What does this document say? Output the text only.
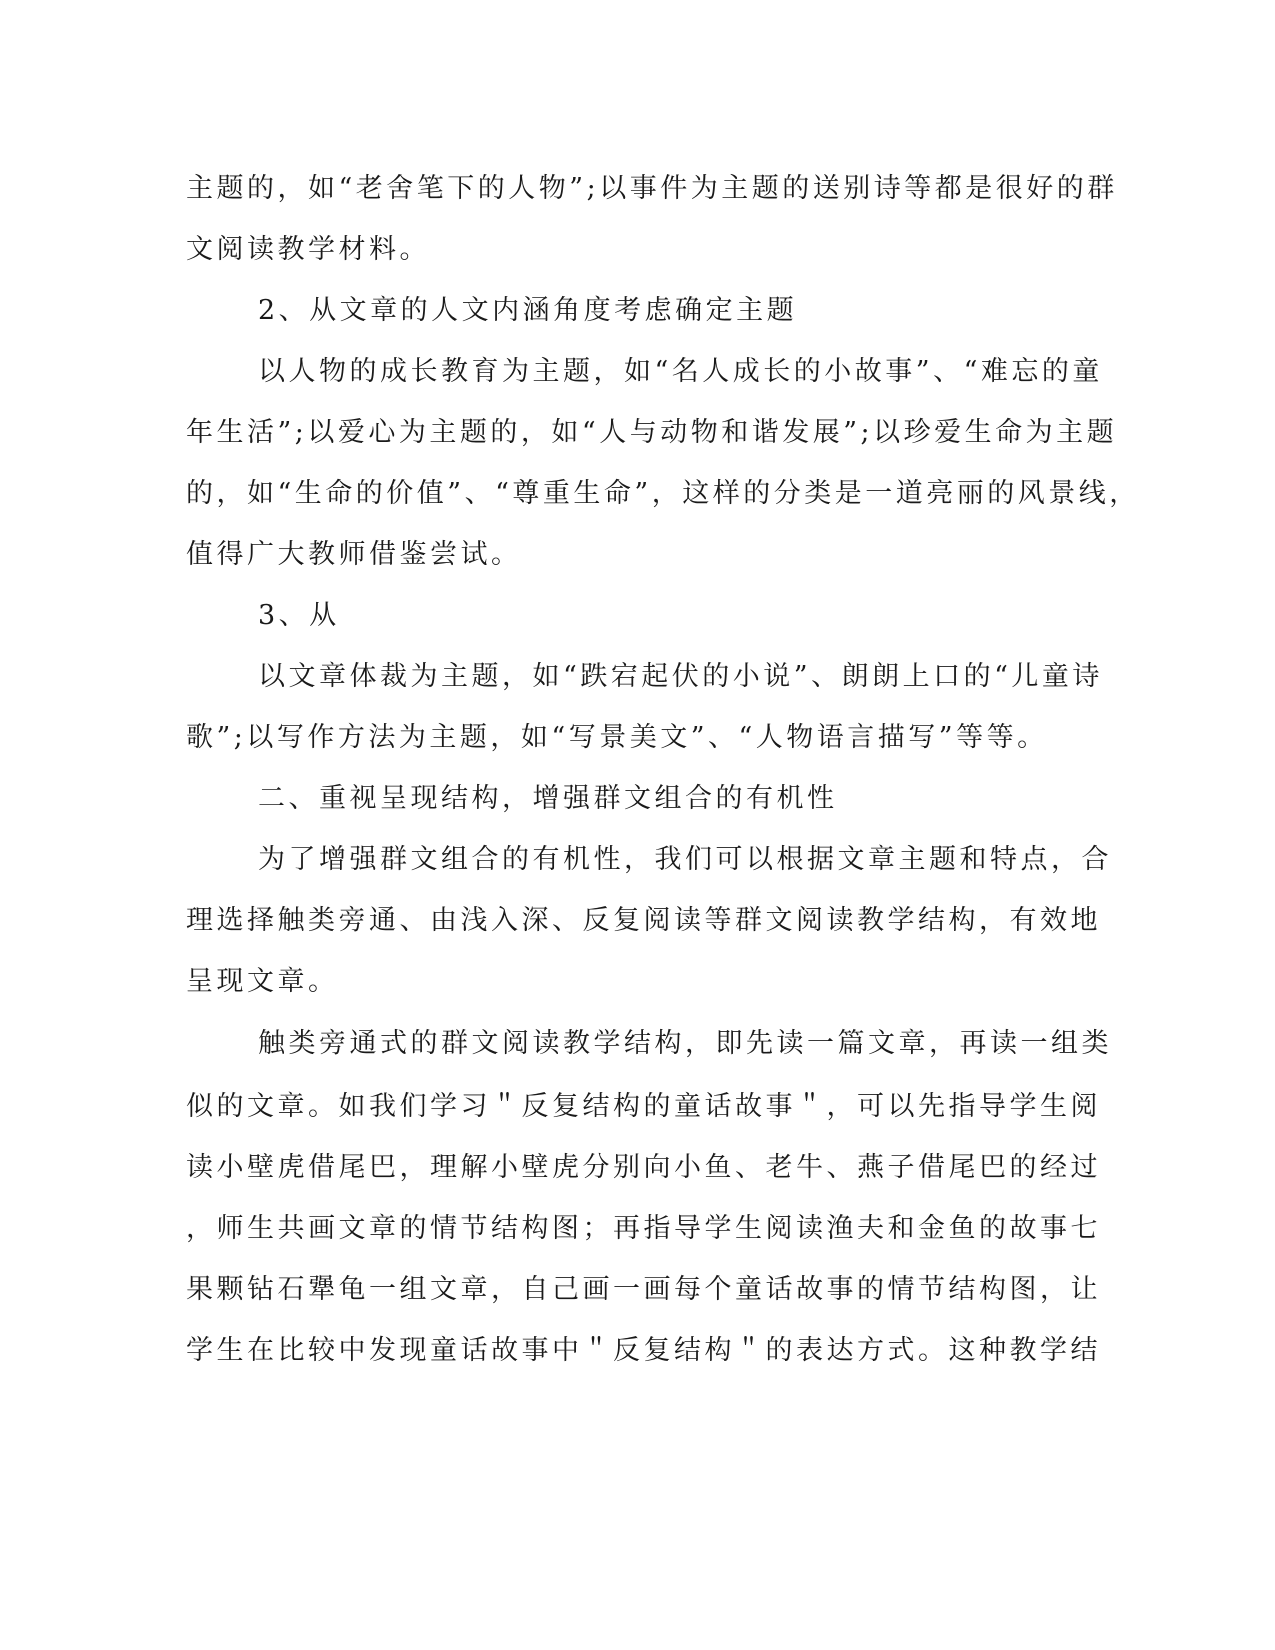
主题的，如“老舍笔下的人物”;以事件为主题的送别诗等都是很好的群
文阅读教学材料。
2、从文章的人文内涵角度考虑确定主题
以人物的成长教育为主题，如“名人成长的小故事”、“难忘的童
年生活”;以爱心为主题的，如“人与动物和谐发展”;以珍爱生命为主题
的，如“生命的价值”、“尊重生命”，这样的分类是一道亮丽的风景线，
值得广大教师借鉴尝试。
3、从
以文章体裁为主题，如“跌宕起伏的小说”、朗朗上口的“儿童诗
歌”;以写作方法为主题，如“写景美文”、“人物语言描写”等等。
二、重视呈现结构，增强群文组合的有机性
为了增强群文组合的有机性，我们可以根据文章主题和特点，合
理选择触类旁通、由浅入深、反复阅读等群文阅读教学结构，有效地
呈现文章。
触类旁通式的群文阅读教学结构，即先读一篇文章，再读一组类
似的文章。如我们学习＂反复结构的童话故事＂，可以先指导学生阅
读小壁虎借尾巴，理解小壁虎分别向小鱼、老牛、燕子借尾巴的经过
，师生共画文章的情节结构图；再指导学生阅读渔夫和金鱼的故事七
果颗钻石犟龟一组文章，自己画一画每个童话故事的情节结构图，让
学生在比较中发现童话故事中＂反复结构＂的表达方式。这种教学结
